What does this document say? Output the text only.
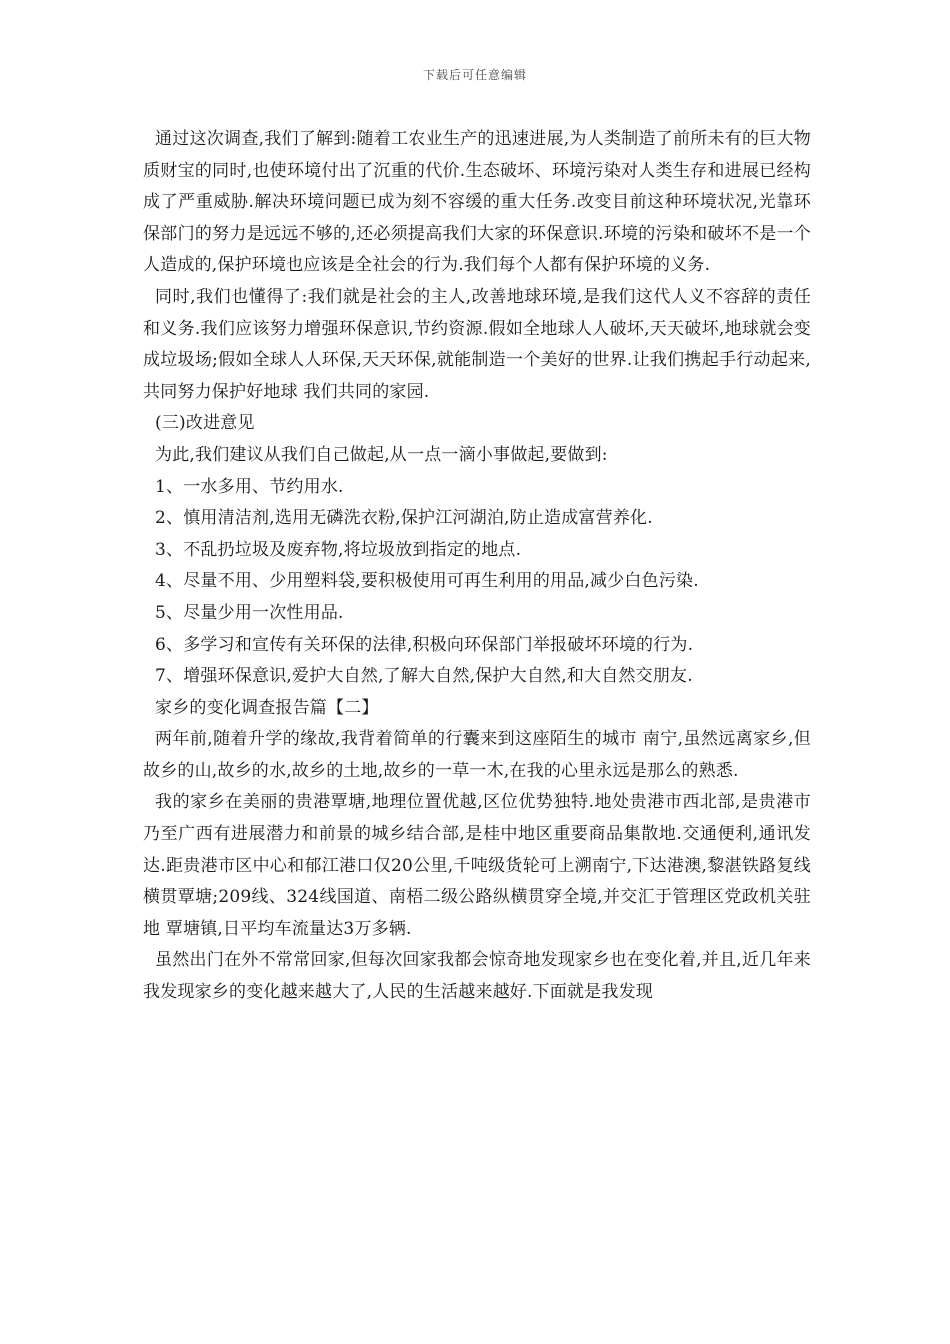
下载后可任意编辑

通过这次调查,我们了解到:随着工农业生产的迅速进展,为人类制造了前所未有的巨大物质财宝的同时,也使环境付出了沉重的代价.生态破坏、环境污染对人类生存和进展已经构成了严重威胁.解决环境问题已成为刻不容缓的重大任务.改变目前这种环境状况,光靠环保部门的努力是远远不够的,还必须提高我们大家的环保意识.环境的污染和破坏不是一个人造成的,保护环境也应该是全社会的行为.我们每个人都有保护环境的义务.

同时,我们也懂得了:我们就是社会的主人,改善地球环境,是我们这代人义不容辞的责任和义务.我们应该努力增强环保意识,节约资源.假如全地球人人破坏,天天破坏,地球就会变成垃圾场;假如全球人人环保,天天环保,就能制造一个美好的世界.让我们携起手行动起来,共同努力保护好地球 我们共同的家园.

(三)改进意见

为此,我们建议从我们自己做起,从一点一滴小事做起,要做到:

1、一水多用、节约用水.

2、慎用清洁剂,选用无磷洗衣粉,保护江河湖泊,防止造成富营养化.

3、不乱扔垃圾及废弃物,将垃圾放到指定的地点.

4、尽量不用、少用塑料袋,要积极使用可再生利用的用品,减少白色污染.

5、尽量少用一次性用品.

6、多学习和宣传有关环保的法律,积极向环保部门举报破坏环境的行为.

7、增强环保意识,爱护大自然,了解大自然,保护大自然,和大自然交朋友.

家乡的变化调查报告篇【二】

两年前,随着升学的缘故,我背着简单的行囊来到这座陌生的城市 南宁,虽然远离家乡,但故乡的山,故乡的水,故乡的土地,故乡的一草一木,在我的心里永远是那么的熟悉.

我的家乡在美丽的贵港覃塘,地理位置优越,区位优势独特.地处贵港市西北部,是贵港市乃至广西有进展潜力和前景的城乡结合部,是桂中地区重要商品集散地.交通便利,通讯发达.距贵港市区中心和郁江港口仅20公里,千吨级货轮可上溯南宁,下达港澳,黎湛铁路复线横贯覃塘;209线、324线国道、南梧二级公路纵横贯穿全境,并交汇于管理区党政机关驻地 覃塘镇,日平均车流量达3万多辆.

虽然出门在外不常常回家,但每次回家我都会惊奇地发现家乡也在变化着,并且,近几年来我发现家乡的变化越来越大了,人民的生活越来越好.下面就是我发现
